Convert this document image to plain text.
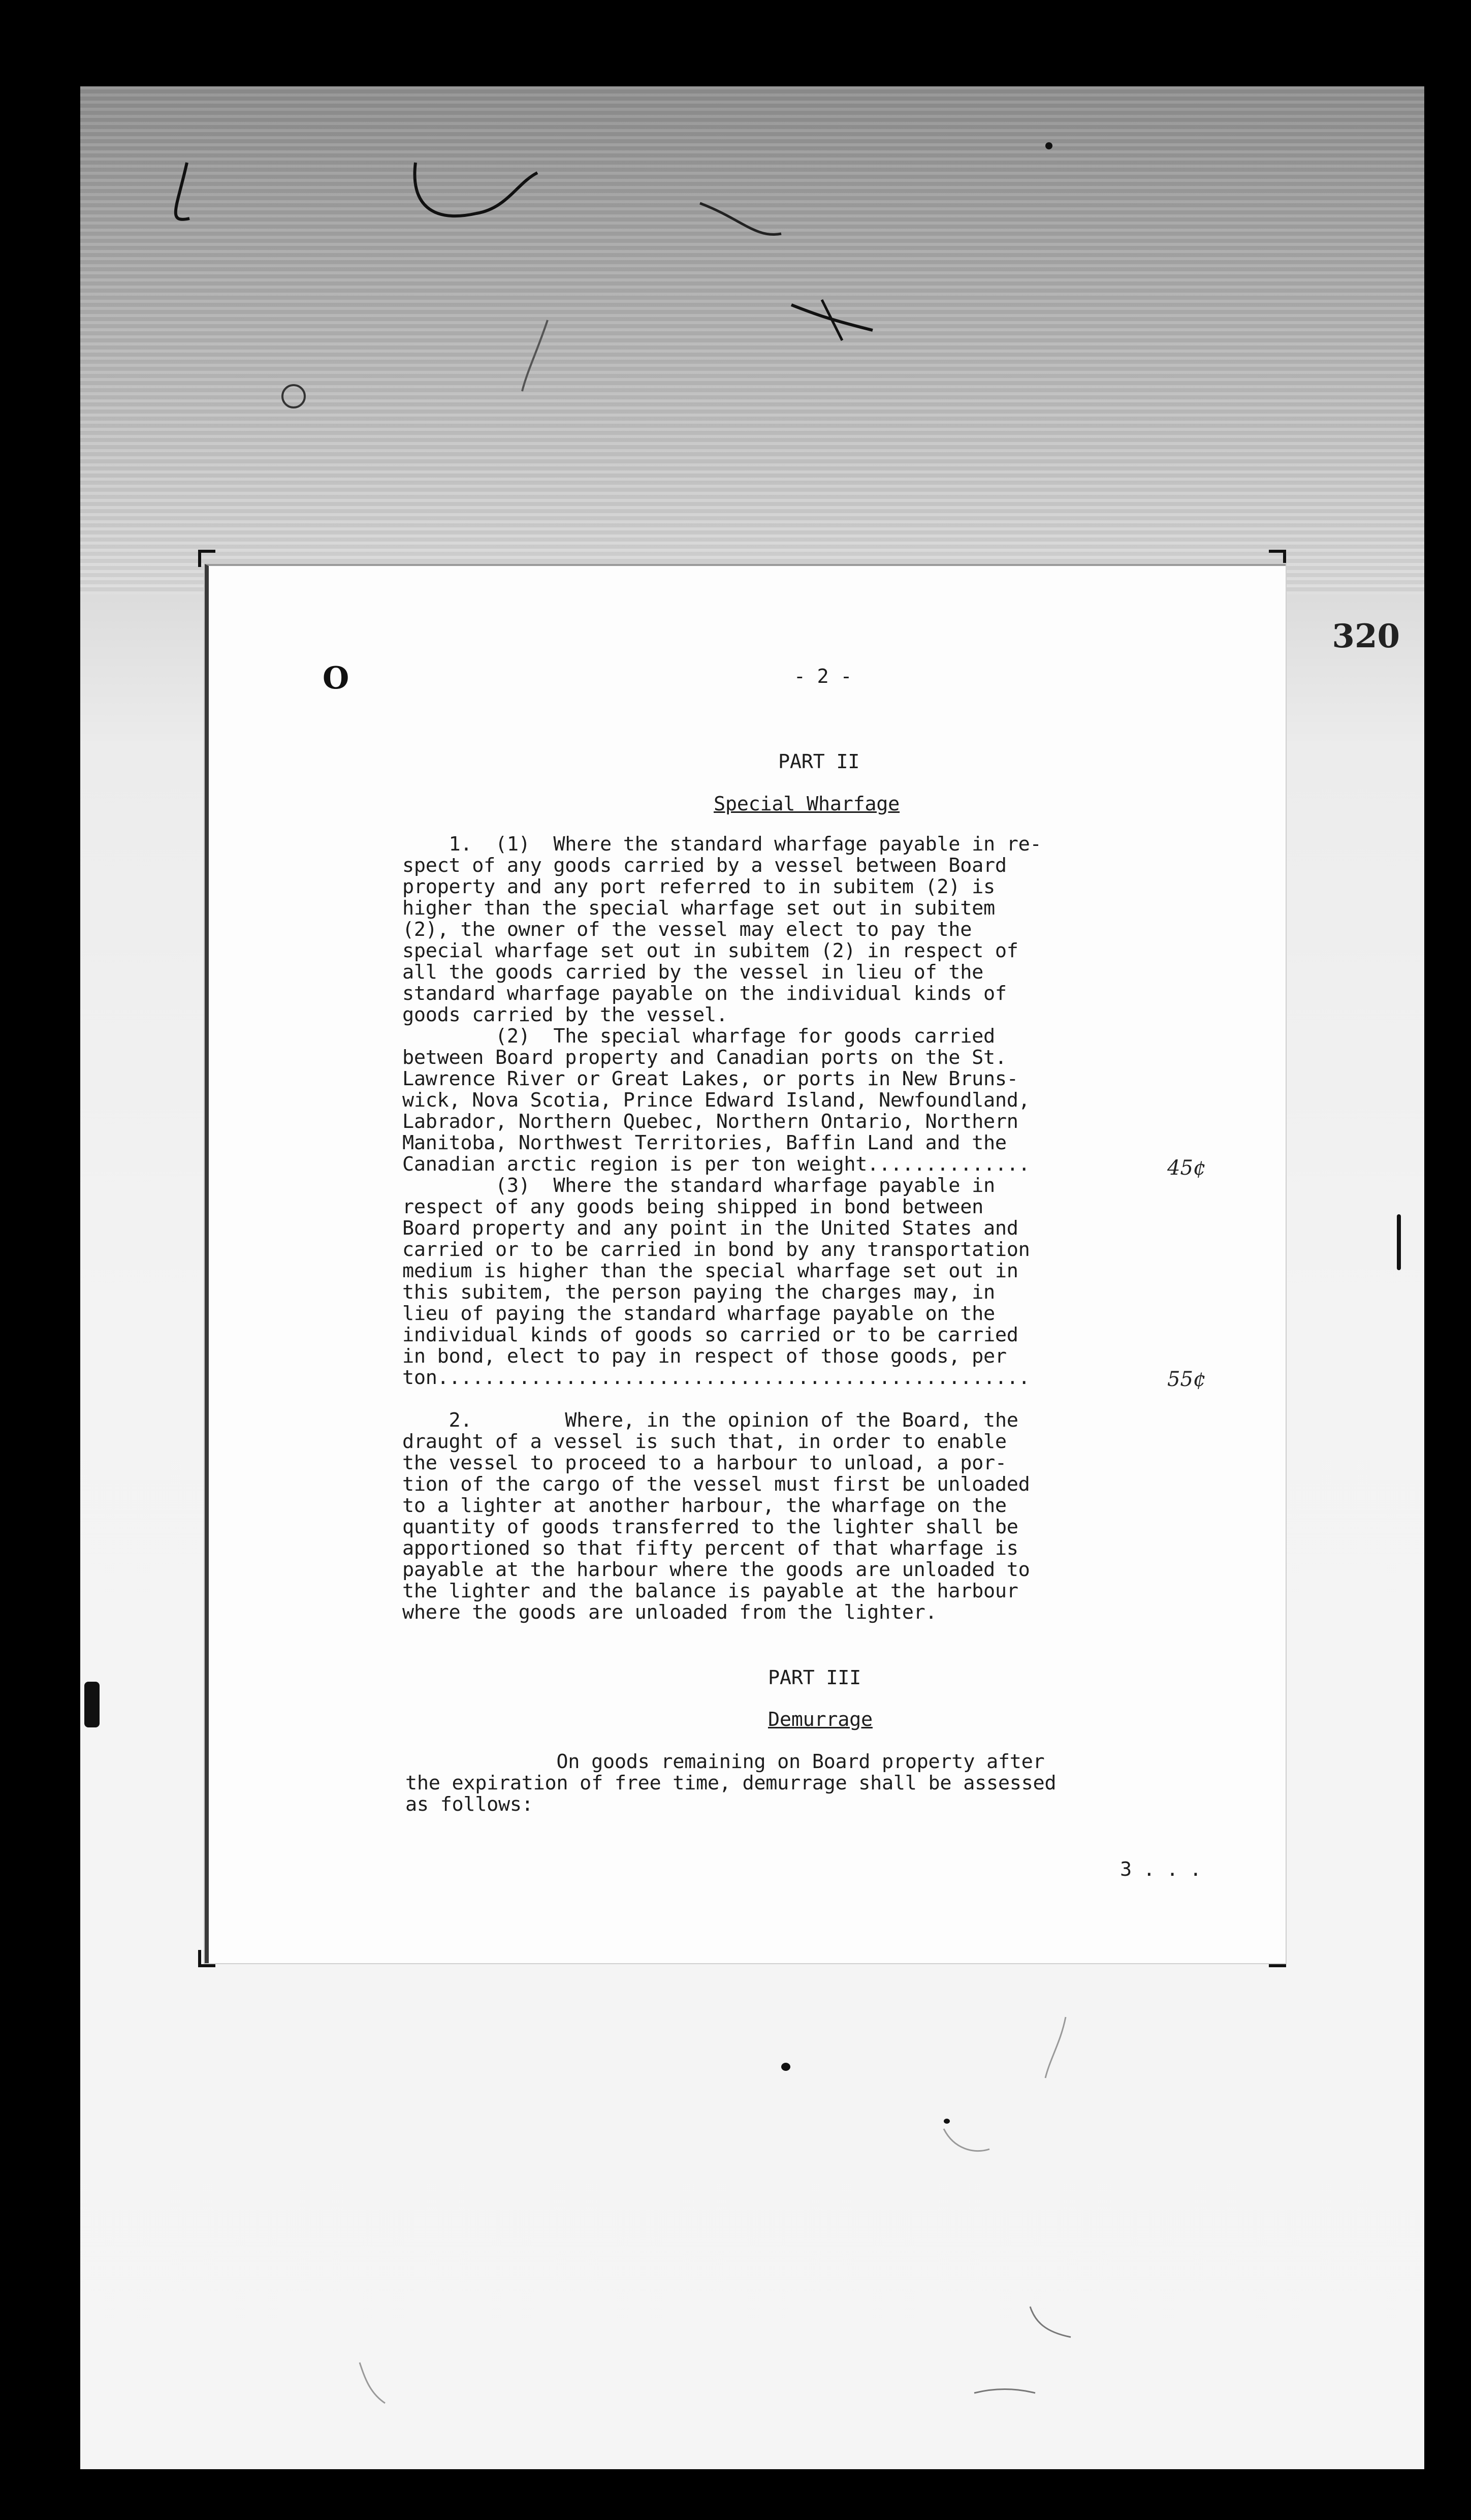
320

O	- 2 -

PART II

Special Wharfage

1.  (1)  Where the standard wharfage payable in re-

spect of any goods carried by a vessel between Board

property and any port referred to in subitem (2) is

higher than the special wharfage set out in subitem

(2), the owner of the vessel may elect to pay the

special wharfage set out in subitem (2) in respect of

all the goods carried by the vessel in lieu of the

standard wharfage payable on the individual kinds of

goods carried by the vessel.

(2)  The special wharfage for goods carried

between Board property and Canadian ports on the St.

Lawrence River or Great Lakes, or ports in New Bruns-

wick, Nova Scotia, Prince Edward Island, Newfoundland,

Labrador, Northern Quebec, Northern Ontario, Northern

Manitoba, Northwest Territories, Baffin Land and the

Canadian arctic region is per ton weight..............

(3)  Where the standard wharfage payable in

respect of any goods being shipped in bond between

Board property and any point in the United States and

carried or to be carried in bond by any transportation

medium is higher than the special wharfage set out in

this subitem, the person paying the charges may, in

lieu of paying the standard wharfage payable on the

individual kinds of goods so carried or to be carried

in bond, elect to pay in respect of those goods, per

ton...................................................

2.        Where, in the opinion of the Board, the

draught of a vessel is such that, in order to enable

the vessel to proceed to a harbour to unload, a por-

tion of the cargo of the vessel must first be unloaded

to a lighter at another harbour, the wharfage on the

quantity of goods transferred to the lighter shall be

apportioned so that fifty percent of that wharfage is

payable at the harbour where the goods are unloaded to

the lighter and the balance is payable at the harbour

where the goods are unloaded from the lighter.

45¢

55¢

PART III

Demurrage

On goods remaining on Board property after

the expiration of free time, demurrage shall be assessed

as follows:

3 . . .
